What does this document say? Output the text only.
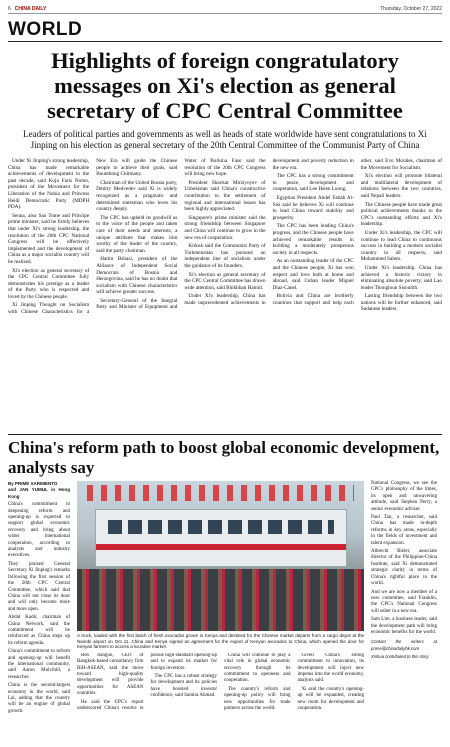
6 CHINA DAILY	Thursday, October 27, 2022
WORLD
Highlights of foreign congratulatory messages on Xi's election as general secretary of CPC Central Committee
Leaders of political parties and governments as well as heads of state worldwide have sent congratulations to Xi Jinping on his election as general secretary of the 20th Central Committee of the Communist Party of China

Under Xi Jinping's strong leadership, China has made remarkable achievements of development in the past decade, said Kojo Faris Nomo, president of the Movement for the Liberation of the Nubia and Princess Heidi Democratic Party (MDPH PDA).

Senna, also Sao Tome and Principe prime minister, said he firmly believes that under Xi's strong leadership, the resolution of the 20th CPC National Congress will be effectively implemented and the development of China as a major socialist country will be realized.

Xi's election as general secretary of the CPC Central Committee fully demonstrates his prestige as a leader of the Party who is respected and loved by the Chinese people.

Xi Jinping Thought on Socialism with Chinese Characteristics for a New Era will guide the Chinese people to achieve their goals, said Bounthong Chitmany.

Chairman of the United Russia party, Dmitry Medvedev said Xi is widely recognized as a pragmatic and determined statesman who loves his country deeply.

The CPC has upheld its goodwill as to the voice of the people and taken care of their needs and interests, a unique attribute that makes him worthy of the leader of the country, said the party chairman.

Hatim Bsbazi, president of the Alliance of Independent Social Democrats of Bosnia and Herzegovina, said he has no doubt that socialism with Chinese characteristics will achieve greater success.

Secretary-General of the Integral Party and Minister of Equipment and Water of Burkina Faso said the resolution of the 20th CPC Congress will bring new hope.

President Shavkat Mirziyoyev of Uzbekistan said China's constructive contribution to the settlement of regional and international issues has been highly appreciated.

Singapore's prime minister said the strong friendship between Singapore and China will continue to grow in the new era of cooperation.

Kirkuk said the Communist Party of Turkmenistan has pursued an independent line of socialism under the guidance of its founders.

Xi's election as general secretary of the CPC Central Committee has drawn wide attention, said Bhikbhan Hamid.

Under Xi's leadership, China has made unprecedented achievements in development and poverty reduction in the new era.

The CPC has a strong commitment to peace, development and cooperation, said Lee Hsien Loong.

Egyptian President Abdel Fattah Al-Sisi said he believes Xi will continue to lead China toward stability and prosperity.

The CPC has been leading China's progress, and the Chinese people have achieved remarkable results in building a moderately prosperous society in all respects.

As an outstanding leader of the CPC and the Chinese people, Xi has won respect and love both at home and abroad, said Cuban leader Miguel Diaz-Canel.

Bolivia and China are brotherly countries that support and help each other, said Evo Morales, chairman of the Movement for Socialism.

Xi's election will promote bilateral and multilateral development of relations between the two countries, said Nepali leaders.

The Chinese people have made great political achievements thanks to the CPC's outstanding efforts and Xi's leadership.

Under Xi's leadership, the CPC will continue to lead China to continuous success in building a modern socialist country in all respects, said Mohammed Salem.

Under Xi's leadership, China has achieved a historic victory in eliminating absolute poverty, said Lao leader Thongloun Sisoulith.

Lasting friendship between the two nations will be further enhanced, said Sudanese leaders.

China's reform path to boost global economic development, analysts say
By PRIME SARMIENTO
and JAN YUMUL in Hong Kong

China's commitment to deepening reform and opening-up is expected to support global economic recovery and bring about wider international cooperation, according to analysts and industry executives.

They praised General Secretary Xi Jinping's remarks following the first session of the 20th CPC Central Committee, which said that China will not close its door and will only become more and more open.

Abdul Kadir, chairman of China Network, said the commitment will be reinforced as China steps up its reform agenda.

China's commitment to reform and opening-up will benefit the international community, said Aaron Mulvihill, a researcher.

China is the second-largest economy in the world, said Lai, adding that the country will be an engine of global growth.

A truck, loaded with the first batch of fresh avocados grown in Kenya and destined for the Chinese market departs from a cargo depot at the Nairobi airport on Oct 11. China and Kenya signed an agreement for the export of Kenyan avocados to China, which opened the door for Kenyan farmers to access a lucrative market.

Ren Jianguo, CEO of Bangkok-based consultancy firm BiH-ASEAN, said the move toward high-quality development will provide opportunities for ASEAN countries.

He said the CPC's report underscored China's resolve to pursue high-standard opening-up and to expand its market for foreign investors.

The CPC has a robust strategy for development and its policies have boosted investor confidence, said Samira Ahmad.

China will continue to play a vital role in global economic recovery through its commitment to openness and cooperation.

The country's reform and opening-up policy will bring new opportunities for trade partners across the world.

Given China's strong commitment to innovation, its development will inject new impetus into the world economy, analysts said.

Xi said the country's opening-up will be expanded, creating new room for development and cooperation.

National Congress, we see the CPC's philosophy of the times, its open and unwavering attitude, said Stephen Perry, a senior economic adviser.

Paul Tan, a researcher, said China has made in-depth reforms in key areas, especially in the fields of investment and talent expansion.

Albrecht Bieler, associate director of the Philippine-China Institute, said Xi demonstrated strategic clarity in terms of China's rightful place in the world.

And we are now a member of a new committee, said Franklin, the CPC's National Congress will usher in a new era.

Sam Lim, a business leader, said the development path will bring economic benefits for the world.

Contact the writers at prime@chinadailyhk.com
Xinhua contributed to this story.
